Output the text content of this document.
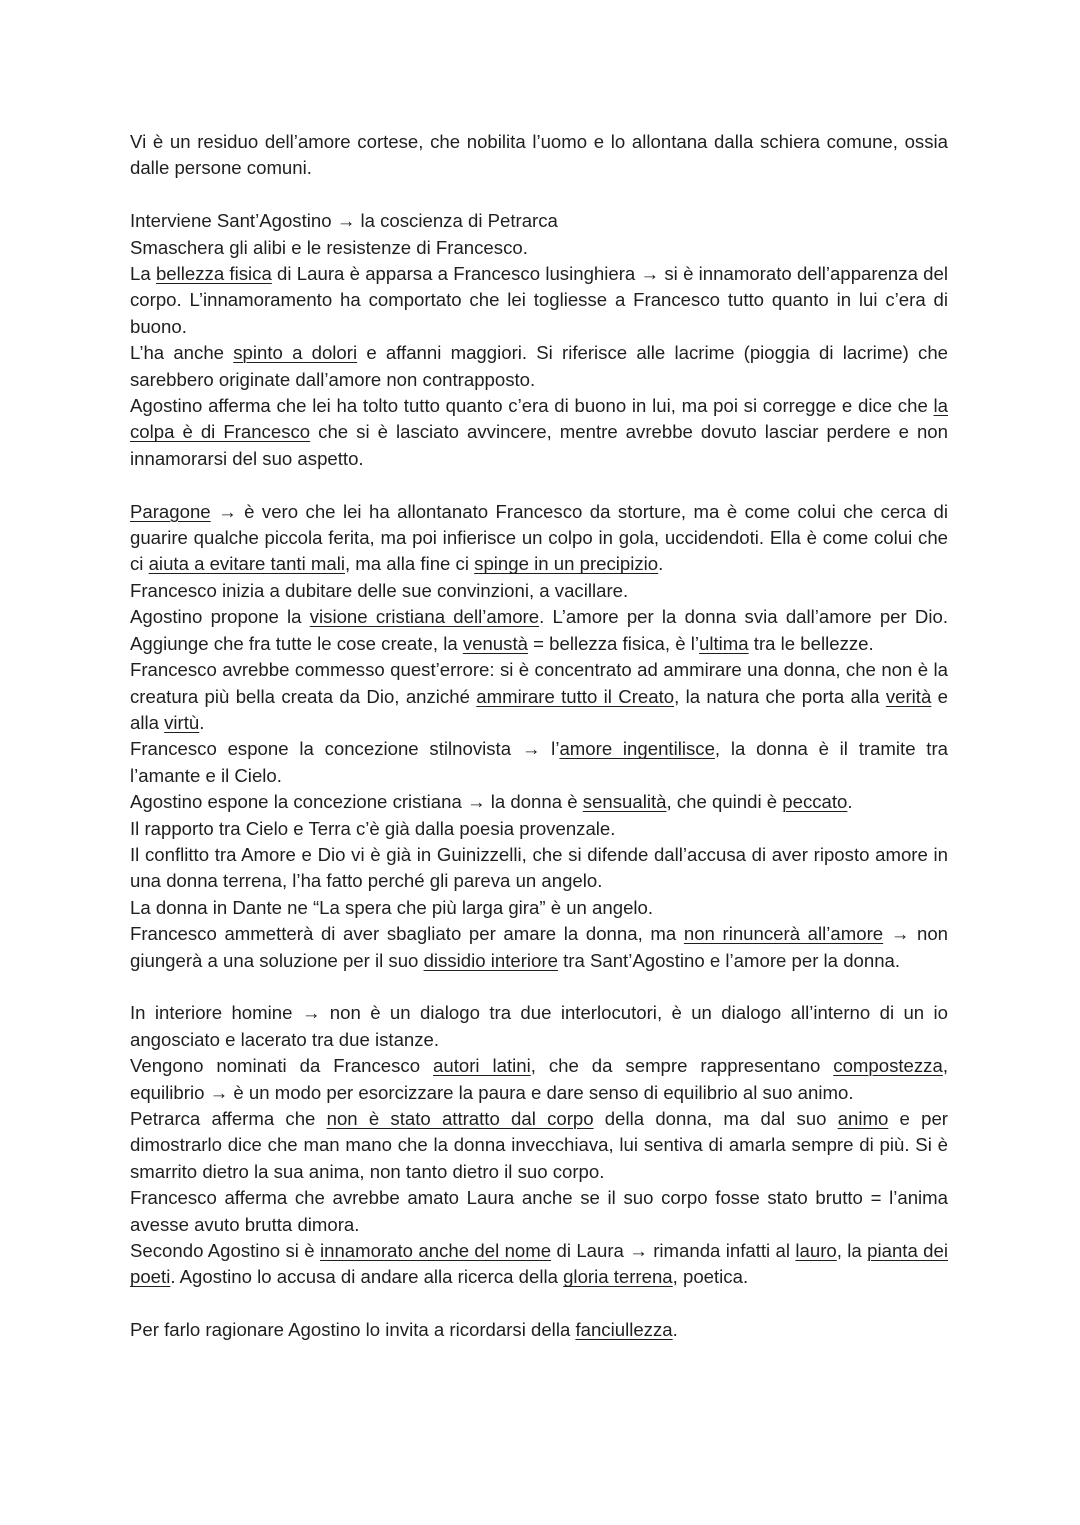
Vi è un residuo dell’amore cortese, che nobilita l’uomo e lo allontana dalla schiera comune, ossia dalle persone comuni.

Interviene Sant’Agostino → la coscienza di Petrarca

Smaschera gli alibi e le resistenze di Francesco.

La bellezza fisica di Laura è apparsa a Francesco lusinghiera → si è innamorato dell’apparenza del corpo. L’innamoramento ha comportato che lei togliesse a Francesco tutto quanto in lui c’era di buono.

L’ha anche spinto a dolori e affanni maggiori. Si riferisce alle lacrime (pioggia di lacrime) che sarebbero originate dall’amore non contrapposto.

Agostino afferma che lei ha tolto tutto quanto c’era di buono in lui, ma poi si corregge e dice che la colpa è di Francesco che si è lasciato avvincere, mentre avrebbe dovuto lasciar perdere e non innamorarsi del suo aspetto.

Paragone → è vero che lei ha allontanato Francesco da storture, ma è come colui che cerca di guarire qualche piccola ferita, ma poi infierisce un colpo in gola, uccidendoti. Ella è come colui che ci aiuta a evitare tanti mali, ma alla fine ci spinge in un precipizio.

Francesco inizia a dubitare delle sue convinzioni, a vacillare.

Agostino propone la visione cristiana dell’amore. L’amore per la donna svia dall’amore per Dio. Aggiunge che fra tutte le cose create, la venustà = bellezza fisica, è l’ultima tra le bellezze.

Francesco avrebbe commesso quest’errore: si è concentrato ad ammirare una donna, che non è la creatura più bella creata da Dio, anziché ammirare tutto il Creato, la natura che porta alla verità e alla virtù.

Francesco espone la concezione stilnovista → l’amore ingentilisce, la donna è il tramite tra l’amante e il Cielo.

Agostino espone la concezione cristiana → la donna è sensualità, che quindi è peccato.

Il rapporto tra Cielo e Terra c’è già dalla poesia provenzale.

Il conflitto tra Amore e Dio vi è già in Guinizzelli, che si difende dall’accusa di aver riposto amore in una donna terrena, l’ha fatto perché gli pareva un angelo.

La donna in Dante ne “La spera che più larga gira” è un angelo.

Francesco ammetterà di aver sbagliato per amare la donna, ma non rinuncerà all’amore → non giungerà a una soluzione per il suo dissidio interiore tra Sant’Agostino e l’amore per la donna.

In interiore homine → non è un dialogo tra due interlocutori, è un dialogo all’interno di un io angosciato e lacerato tra due istanze.

Vengono nominati da Francesco autori latini, che da sempre rappresentano compostezza, equilibrio → è un modo per esorcizzare la paura e dare senso di equilibrio al suo animo.

Petrarca afferma che non è stato attratto dal corpo della donna, ma dal suo animo e per dimostrarlo dice che man mano che la donna invecchiava, lui sentiva di amarla sempre di più. Si è smarrito dietro la sua anima, non tanto dietro il suo corpo.

Francesco afferma che avrebbe amato Laura anche se il suo corpo fosse stato brutto = l’anima avesse avuto brutta dimora.

Secondo Agostino si è innamorato anche del nome di Laura → rimanda infatti al lauro, la pianta dei poeti. Agostino lo accusa di andare alla ricerca della gloria terrena, poetica.

Per farlo ragionare Agostino lo invita a ricordarsi della fanciullezza.
